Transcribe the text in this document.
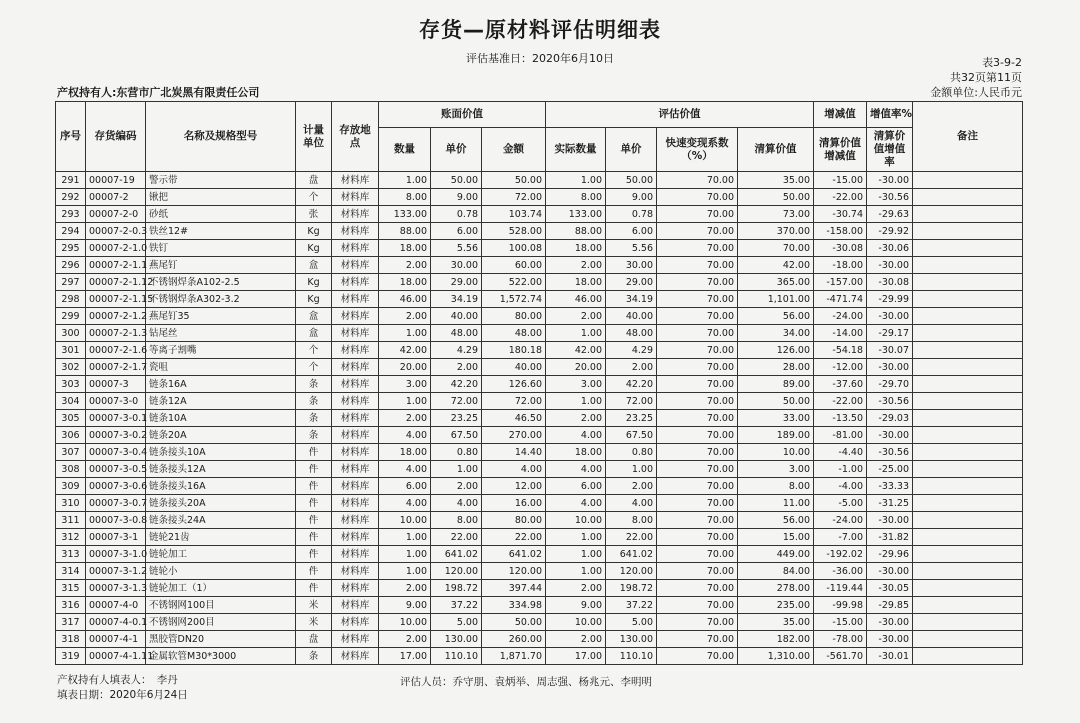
存货—原材料评估明细表
评估基准日：2020年6月10日	表3-9-2
共32页第11页
金额单位:人民币元
产权持有人:东营市广北炭黑有限责任公司
序号	存货编码	名称及规格型号	计量单位	存放地点	账面价值			评估价值				增减值	增值率%	备注
					数量	单价	金额	实际数量	单价	快速变现系数（%）	清算价值	清算价值增减值	清算价值增值率	
291	00007-19	警示带	盘	材料库	1.00	50.00	50.00	1.00	50.00	70.00	35.00	-15.00	-30.00	
292	00007-2	锹把	个	材料库	8.00	9.00	72.00	8.00	9.00	70.00	50.00	-22.00	-30.56	
293	00007-2-0	砂纸	张	材料库	133.00	0.78	103.74	133.00	0.78	70.00	73.00	-30.74	-29.63	
294	00007-2-0.3	铁丝12#	Kg	材料库	88.00	6.00	528.00	88.00	6.00	70.00	370.00	-158.00	-29.92	
295	00007-2-1.0	铁钉	Kg	材料库	18.00	5.56	100.08	18.00	5.56	70.00	70.00	-30.08	-30.06	
296	00007-2-1.1	燕尾钉	盒	材料库	2.00	30.00	60.00	2.00	30.00	70.00	42.00	-18.00	-30.00	
297	00007-2-1.12	不锈钢焊条A102-2.5	Kg	材料库	18.00	29.00	522.00	18.00	29.00	70.00	365.00	-157.00	-30.08	
298	00007-2-1.15	不锈钢焊条A302-3.2	Kg	材料库	46.00	34.19	1,572.74	46.00	34.19	70.00	1,101.00	-471.74	-29.99	
299	00007-2-1.2	燕尾钉35	盒	材料库	2.00	40.00	80.00	2.00	40.00	70.00	56.00	-24.00	-30.00	
300	00007-2-1.3	钻尾丝	盒	材料库	1.00	48.00	48.00	1.00	48.00	70.00	34.00	-14.00	-29.17	
301	00007-2-1.6	等离子割嘴	个	材料库	42.00	4.29	180.18	42.00	4.29	70.00	126.00	-54.18	-30.07	
302	00007-2-1.7	瓷咀	个	材料库	20.00	2.00	40.00	20.00	2.00	70.00	28.00	-12.00	-30.00	
303	00007-3	链条16A	条	材料库	3.00	42.20	126.60	3.00	42.20	70.00	89.00	-37.60	-29.70	
304	00007-3-0	链条12A	条	材料库	1.00	72.00	72.00	1.00	72.00	70.00	50.00	-22.00	-30.56	
305	00007-3-0.1	链条10A	条	材料库	2.00	23.25	46.50	2.00	23.25	70.00	33.00	-13.50	-29.03	
306	00007-3-0.2	链条20A	条	材料库	4.00	67.50	270.00	4.00	67.50	70.00	189.00	-81.00	-30.00	
307	00007-3-0.4	链条接头10A	件	材料库	18.00	0.80	14.40	18.00	0.80	70.00	10.00	-4.40	-30.56	
308	00007-3-0.5	链条接头12A	件	材料库	4.00	1.00	4.00	4.00	1.00	70.00	3.00	-1.00	-25.00	
309	00007-3-0.6	链条接头16A	件	材料库	6.00	2.00	12.00	6.00	2.00	70.00	8.00	-4.00	-33.33	
310	00007-3-0.7	链条接头20A	件	材料库	4.00	4.00	16.00	4.00	4.00	70.00	11.00	-5.00	-31.25	
311	00007-3-0.8	链条接头24A	件	材料库	10.00	8.00	80.00	10.00	8.00	70.00	56.00	-24.00	-30.00	
312	00007-3-1	链轮21齿	件	材料库	1.00	22.00	22.00	1.00	22.00	70.00	15.00	-7.00	-31.82	
313	00007-3-1.0	链轮加工	件	材料库	1.00	641.02	641.02	1.00	641.02	70.00	449.00	-192.02	-29.96	
314	00007-3-1.2	链轮小	件	材料库	1.00	120.00	120.00	1.00	120.00	70.00	84.00	-36.00	-30.00	
315	00007-3-1.3	链轮加工（1）	件	材料库	2.00	198.72	397.44	2.00	198.72	70.00	278.00	-119.44	-30.05	
316	00007-4-0	不锈钢网100目	米	材料库	9.00	37.22	334.98	9.00	37.22	70.00	235.00	-99.98	-29.85	
317	00007-4-0.1	不锈钢网200目	米	材料库	10.00	5.00	50.00	10.00	5.00	70.00	35.00	-15.00	-30.00	
318	00007-4-1	黑胶管DN20	盘	材料库	2.00	130.00	260.00	2.00	130.00	70.00	182.00	-78.00	-30.00	
319	00007-4-1.11	金属软管M30*3000	条	材料库	17.00	110.10	1,871.70	17.00	110.10	70.00	1,310.00	-561.70	-30.01	
产权持有人填表人：　李丹
填表日期：2020年6月24日
评估人员：乔守朋、袁炳举、周志强、杨兆元、李明明
